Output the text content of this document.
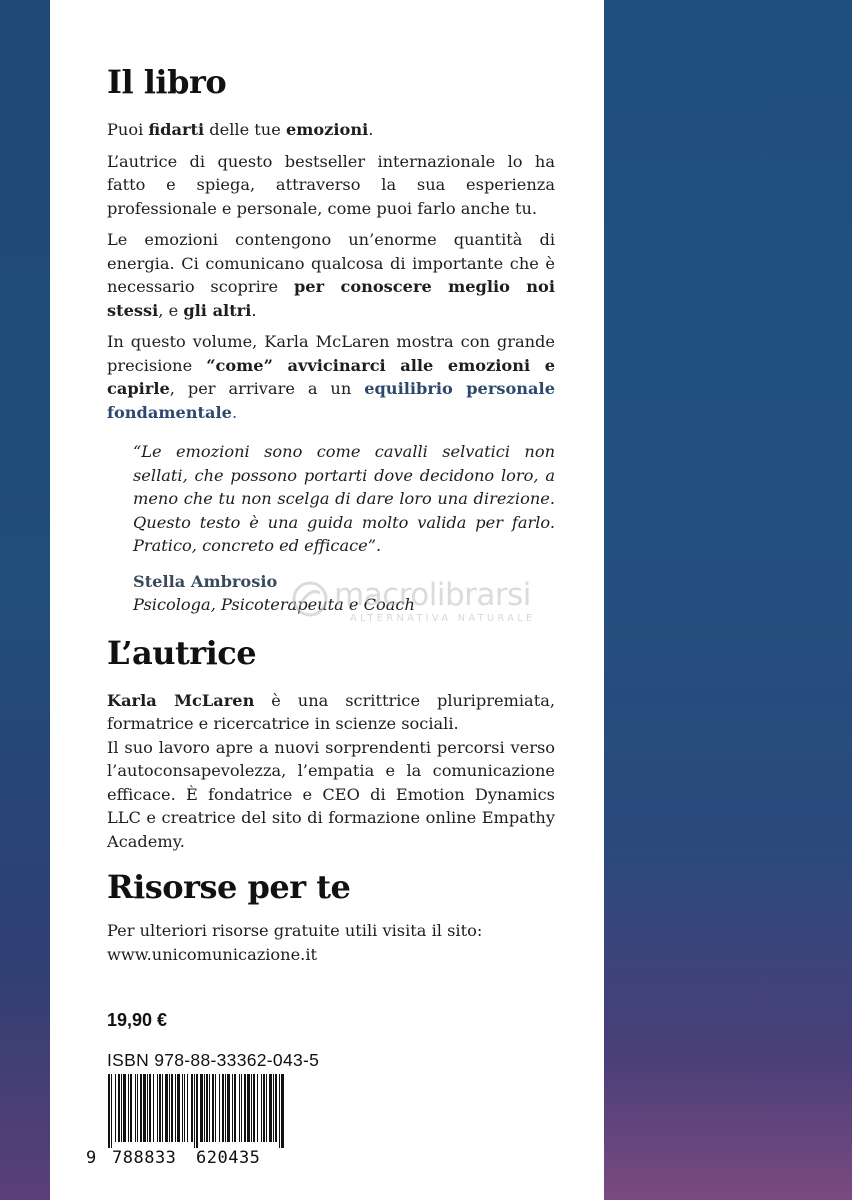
Il libro

Puoi fidarti delle tue emozioni.

L’autrice di questo bestseller internazionale lo ha fatto e spiega, attraverso la sua esperienza professionale e personale, come puoi farlo anche tu.

Le emozioni contengono un’enorme quantità di energia. Ci comunicano qualcosa di importante che è necessario scoprire per conoscere meglio noi stessi, e gli altri.

In questo volume, Karla McLaren mostra con grande precisione “come” avvicinarci alle emozioni e capirle, per arrivare a un equilibrio personale fondamentale.

“Le emozioni sono come cavalli selvatici non sellati, che possono portarti dove decidono loro, a meno che tu non scelga di dare loro una direzione. Questo testo è una guida molto valida per farlo. Pratico, concreto ed efficace”.
Stella Ambrosio
Psicologa, Psicoterapeuta e Coach
L’autrice

Karla McLaren è una scrittrice pluripremiata, formatrice e ricercatrice in scienze sociali.

Il suo lavoro apre a nuovi sorprendenti percorsi verso l’autoconsapevolezza, l’empatia e la comunicazione efficace. È fondatrice e CEO di Emotion Dynamics LLC e creatrice del sito di formazione online Empathy Academy.

Risorse per te

Per ulteriori risorse gratuite utili visita il sito:

www.unicomunicazione.it

macrolibrarsi
ALTERNATIVA NATURALE
19,90 €
ISBN 978-88-33362-043-5
9 788833 620435
